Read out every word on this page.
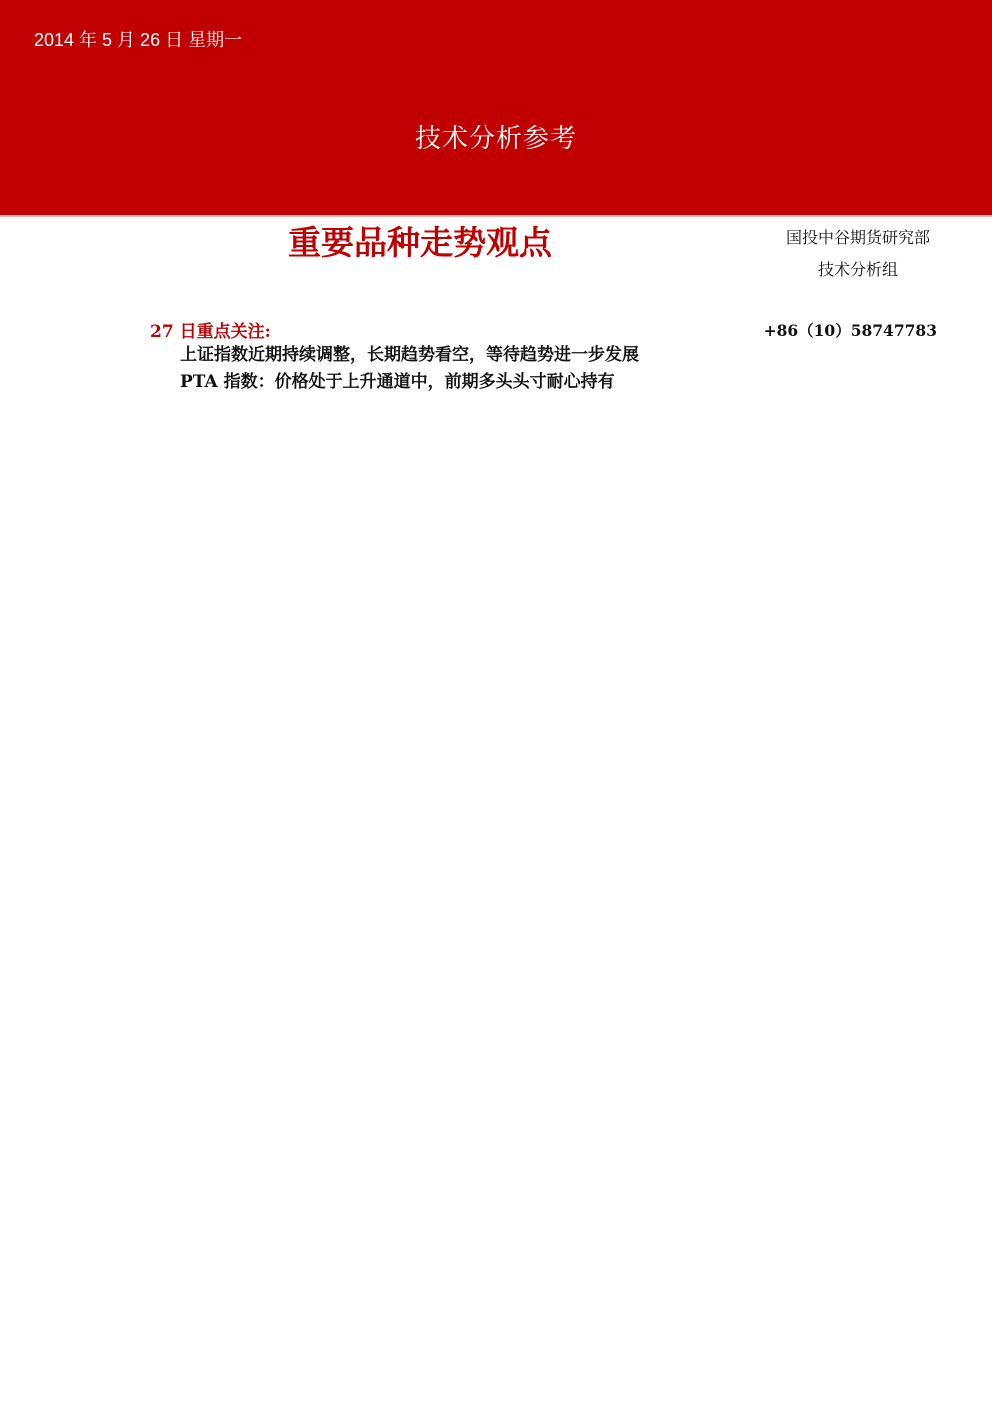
2014 年 5 月 26 日 星期一
技术分析参考
重要品种走势观点	国投中谷期货研究部
技术分析组
27 日重点关注:	+86（10）58747783
上证指数近期持续调整，长期趋势看空，等待趋势进一步发展
PTA 指数：价格处于上升通道中，前期多头头寸耐心持有
